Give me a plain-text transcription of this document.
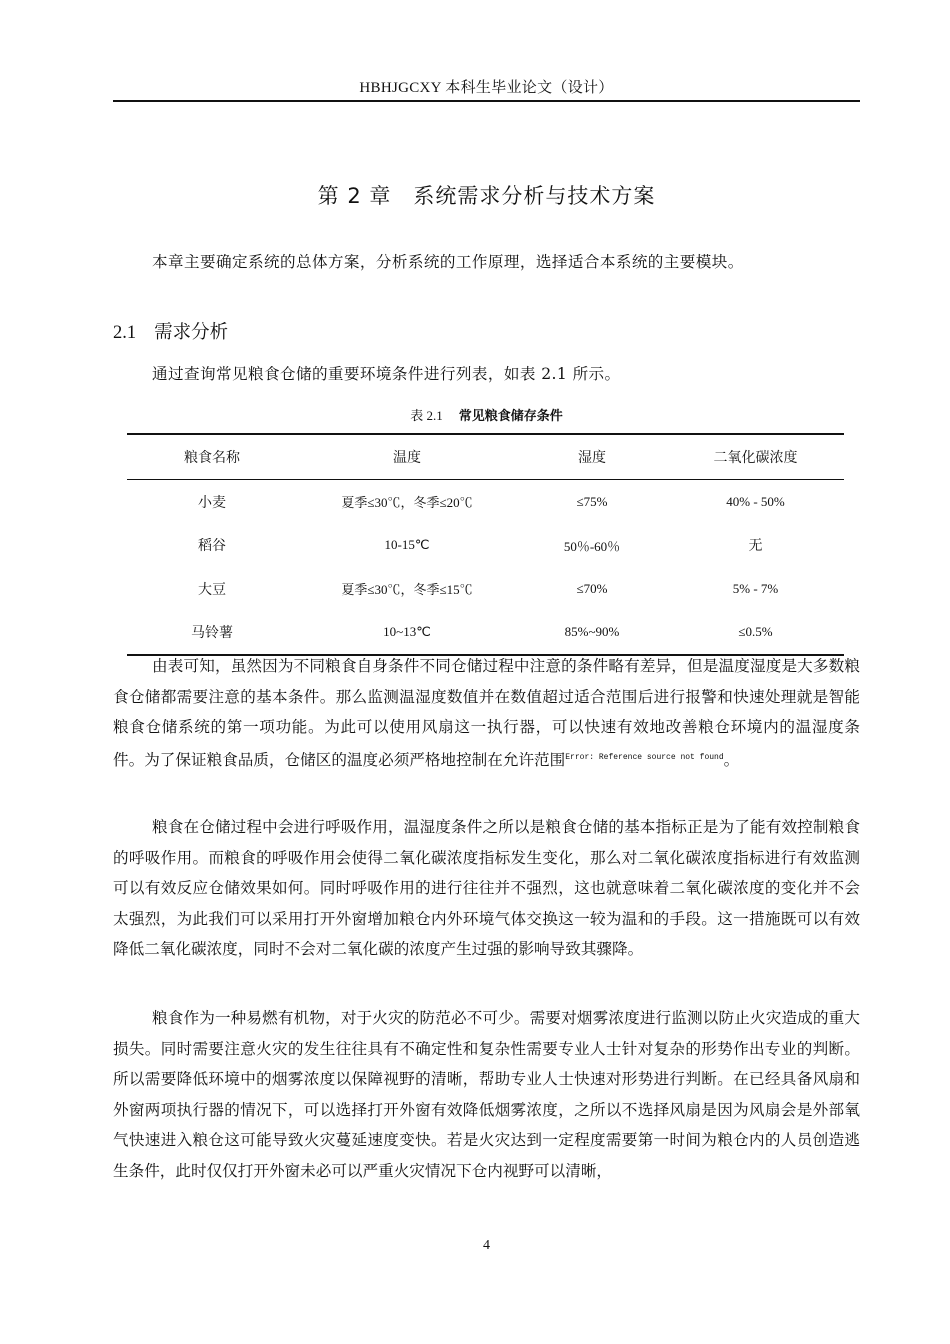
HBHJGCXY 本科生毕业论文（设计）
第 2 章 系统需求分析与技术方案
本章主要确定系统的总体方案，分析系统的工作原理，选择适合本系统的主要模块。
2.1 需求分析
通过查询常见粮食仓储的重要环境条件进行列表，如表 2.1 所示。
表 2.1 常见粮食储存条件
粮食名称	温度	湿度	二氧化碳浓度
小麦	夏季≤30℃，冬季≤20℃	≤75%	40% - 50%
稻谷	10-15℃	50％-60％	无
大豆	夏季≤30℃，冬季≤15℃	≤70%	5% - 7%
马铃薯	10~13℃	85%~90%	≤0.5%

由表可知，虽然因为不同粮食自身条件不同仓储过程中注意的条件略有差异，但是温度湿度是大多数粮食仓储都需要注意的基本条件。那么监测温湿度数值并在数值超过适合范围后进行报警和快速处理就是智能粮食仓储系统的第一项功能。为此可以使用风扇这一执行器，可以快速有效地改善粮仓环境内的温湿度条件。为了保证粮食品质，仓储区的温度必须严格地控制在允许范围$^{Error: Reference source not found}$。

粮食在仓储过程中会进行呼吸作用，温湿度条件之所以是粮食仓储的基本指标正是为了能有效控制粮食的呼吸作用。而粮食的呼吸作用会使得二氧化碳浓度指标发生变化，那么对二氧化碳浓度指标进行有效监测可以有效反应仓储效果如何。同时呼吸作用的进行往往并不强烈，这也就意味着二氧化碳浓度的变化并不会太强烈，为此我们可以采用打开外窗增加粮仓内外环境气体交换这一较为温和的手段。这一措施既可以有效降低二氧化碳浓度，同时不会对二氧化碳的浓度产生过强的影响导致其骤降。

粮食作为一种易燃有机物，对于火灾的防范必不可少。需要对烟雾浓度进行监测以防止火灾造成的重大损失。同时需要注意火灾的发生往往具有不确定性和复杂性需要专业人士针对复杂的形势作出专业的判断。所以需要降低环境中的烟雾浓度以保障视野的清晰，帮助专业人士快速对形势进行判断。在已经具备风扇和外窗两项执行器的情况下，可以选择打开外窗有效降低烟雾浓度，之所以不选择风扇是因为风扇会是外部氧气快速进入粮仓这可能导致火灾蔓延速度变快。若是火灾达到一定程度需要第一时间为粮仓内的人员创造逃生条件，此时仅仅打开外窗未必可以严重火灾情况下仓内视野可以清晰，

4
